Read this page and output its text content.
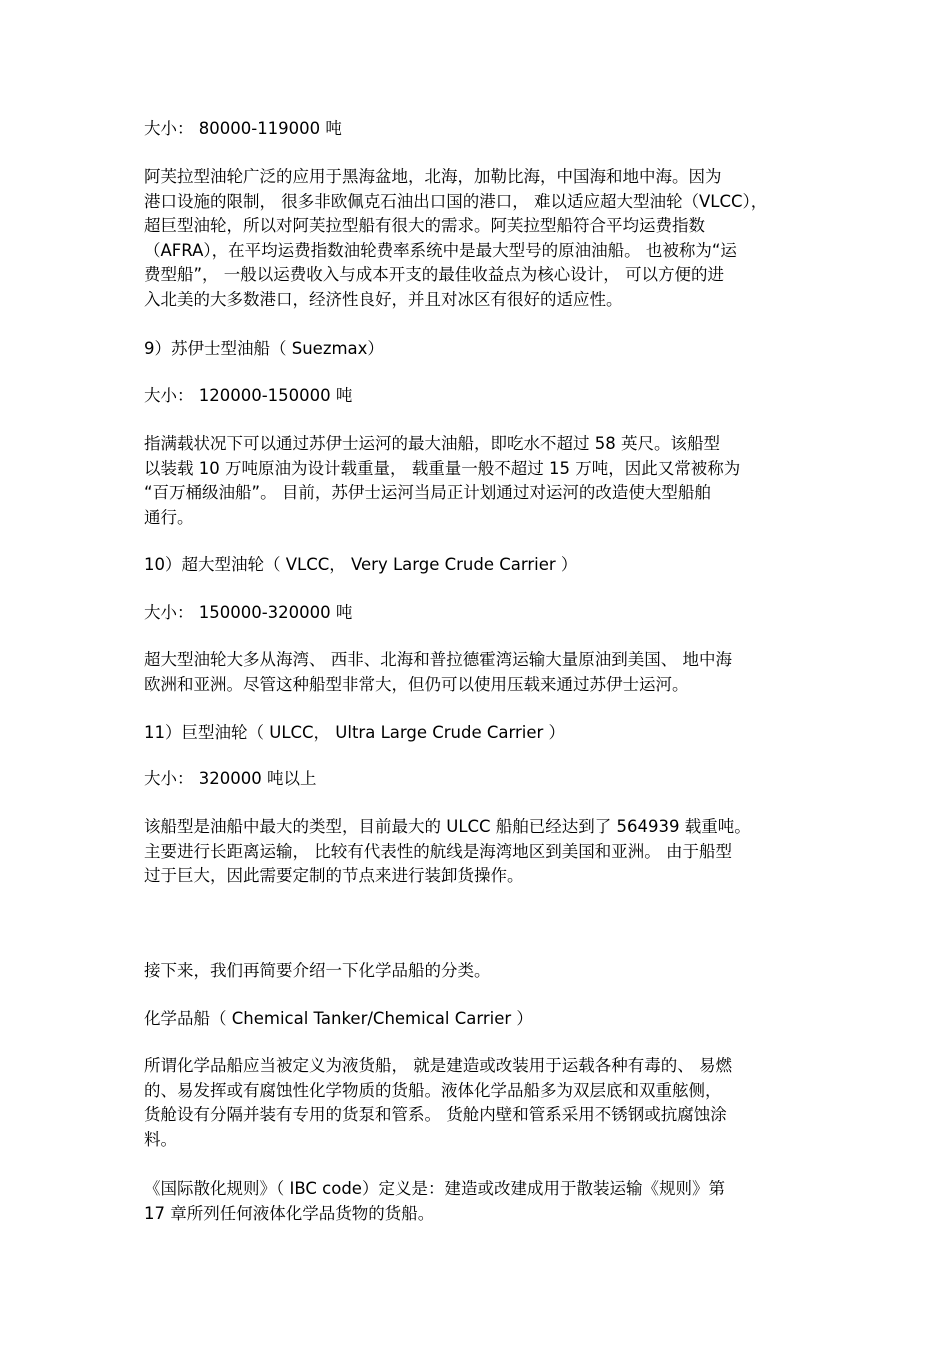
大小： 80000-119000 吨

阿芙拉型油轮广泛的应用于黑海盆地，北海，加勒比海，中国海和地中海。因为
港口设施的限制， 很多非欧佩克石油出口国的港口， 难以适应超大型油轮（VLCC），
超巨型油轮，所以对阿芙拉型船有很大的需求。阿芙拉型船符合平均运费指数
（AFRA），在平均运费指数油轮费率系统中是最大型号的原油油船。 也被称为“运
费型船”， 一般以运费收入与成本开支的最佳收益点为核心设计， 可以方便的进
入北美的大多数港口，经济性良好，并且对冰区有很好的适应性。

9）苏伊士型油船（ Suezmax）

大小： 120000-150000 吨

指满载状况下可以通过苏伊士运河的最大油船，即吃水不超过 58 英尺。该船型
以装载 10 万吨原油为设计载重量， 载重量一般不超过 15 万吨，因此又常被称为
“百万桶级油船”。 目前，苏伊士运河当局正计划通过对运河的改造使大型船舶
通行。

10）超大型油轮（ VLCC， Very Large Crude Carrier ）

大小： 150000-320000 吨

超大型油轮大多从海湾、 西非、北海和普拉德霍湾运输大量原油到美国、 地中海
欧洲和亚洲。尽管这种船型非常大，但仍可以使用压载来通过苏伊士运河。

11）巨型油轮（ ULCC， Ultra Large Crude Carrier ）

大小： 320000 吨以上

该船型是油船中最大的类型，目前最大的 ULCC 船舶已经达到了 564939 载重吨。
主要进行长距离运输， 比较有代表性的航线是海湾地区到美国和亚洲。 由于船型
过于巨大，因此需要定制的节点来进行装卸货操作。

接下来，我们再简要介绍一下化学品船的分类。

化学品船（ Chemical Tanker/Chemical Carrier ）

所谓化学品船应当被定义为液货船， 就是建造或改装用于运载各种有毒的、 易燃
的、易发挥或有腐蚀性化学物质的货船。液体化学品船多为双层底和双重舷侧，
货舱设有分隔并装有专用的货泵和管系。 货舱内壁和管系采用不锈钢或抗腐蚀涂
料。

《国际散化规则》（ IBC code）定义是：建造或改建成用于散装运输《规则》第
17 章所列任何液体化学品货物的货船。
